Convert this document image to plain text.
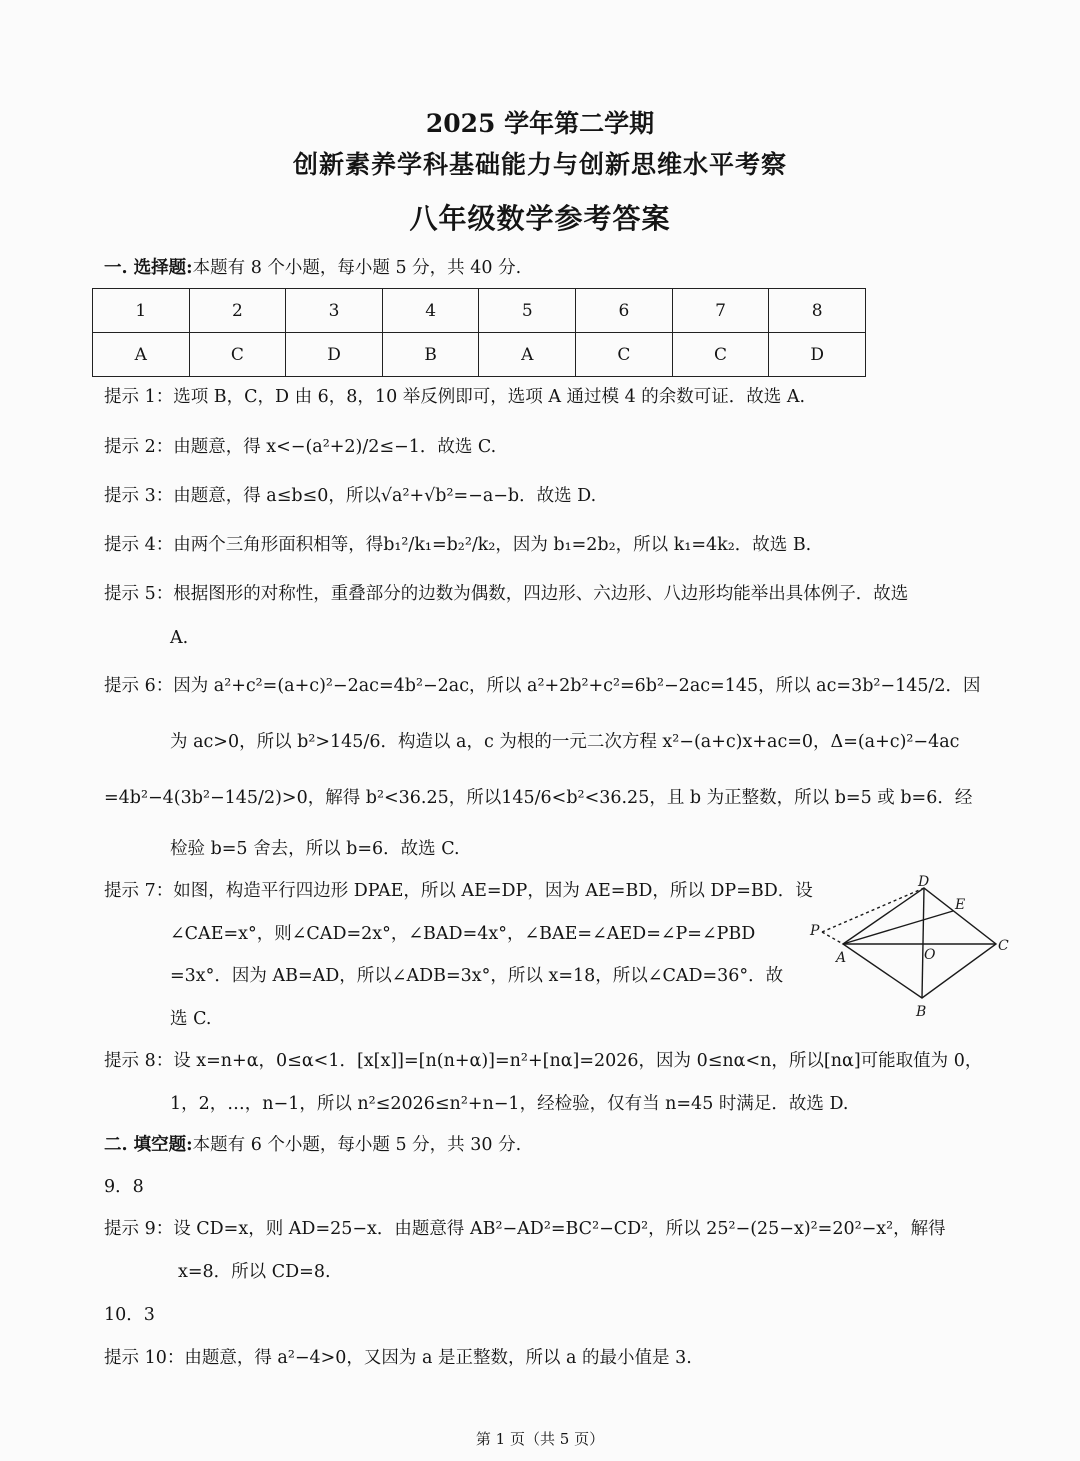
2025 学年第二学期
创新素养学科基础能力与创新思维水平考察
八年级数学参考答案
一. 选择题:本题有 8 个小题，每小题 5 分，共 40 分.
1	2	3	4	5	6	7	8
A	C	D	B	A	C	C	D
提示 1：选项 B，C，D 由 6，8，10 举反例即可，选项 A 通过模 4 的余数可证．故选 A.
提示 2：由题意，得 x<−(a²+2)/2≤−1．故选 C.
提示 3：由题意，得 a≤b≤0，所以√a²+√b²=−a−b．故选 D.
提示 4：由两个三角形面积相等，得b₁²/k₁=b₂²/k₂，因为 b₁=2b₂，所以 k₁=4k₂．故选 B.
提示 5：根据图形的对称性，重叠部分的边数为偶数，四边形、六边形、八边形均能举出具体例子．故选
A.
提示 6：因为 a²+c²=(a+c)²−2ac=4b²−2ac，所以 a²+2b²+c²=6b²−2ac=145，所以 ac=3b²−145/2．因
为 ac>0，所以 b²>145/6．构造以 a，c 为根的一元二次方程 x²−(a+c)x+ac=0，Δ=(a+c)²−4ac
=4b²−4(3b²−145/2)>0，解得 b²<36.25，所以145/6<b²<36.25，且 b 为正整数，所以 b=5 或 b=6．经
检验 b=5 舍去，所以 b=6．故选 C.
提示 7：如图，构造平行四边形 DPAE，所以 AE=DP，因为 AE=BD，所以 DP=BD．设
∠CAE=x°，则∠CAD=2x°，∠BAD=4x°，∠BAE=∠AED=∠P=∠PBD
=3x°．因为 AB=AD，所以∠ADB=3x°，所以 x=18，所以∠CAD=36°．故
选 C.
D
E
P
A	O
C
B
提示 8：设 x=n+α，0≤α<1．[x[x]]=[n(n+α)]=n²+[nα]=2026，因为 0≤nα<n，所以[nα]可能取值为 0，
1，2，…，n−1，所以 n²≤2026≤n²+n−1，经检验，仅有当 n=45 时满足．故选 D.
二. 填空题:本题有 6 个小题，每小题 5 分，共 30 分.
9．8
提示 9：设 CD=x，则 AD=25−x．由题意得 AB²−AD²=BC²−CD²，所以 25²−(25−x)²=20²−x²，解得
x=8．所以 CD=8.
10．3
提示 10：由题意，得 a²−4>0，又因为 a 是正整数，所以 a 的最小值是 3.
第 1 页（共 5 页）
